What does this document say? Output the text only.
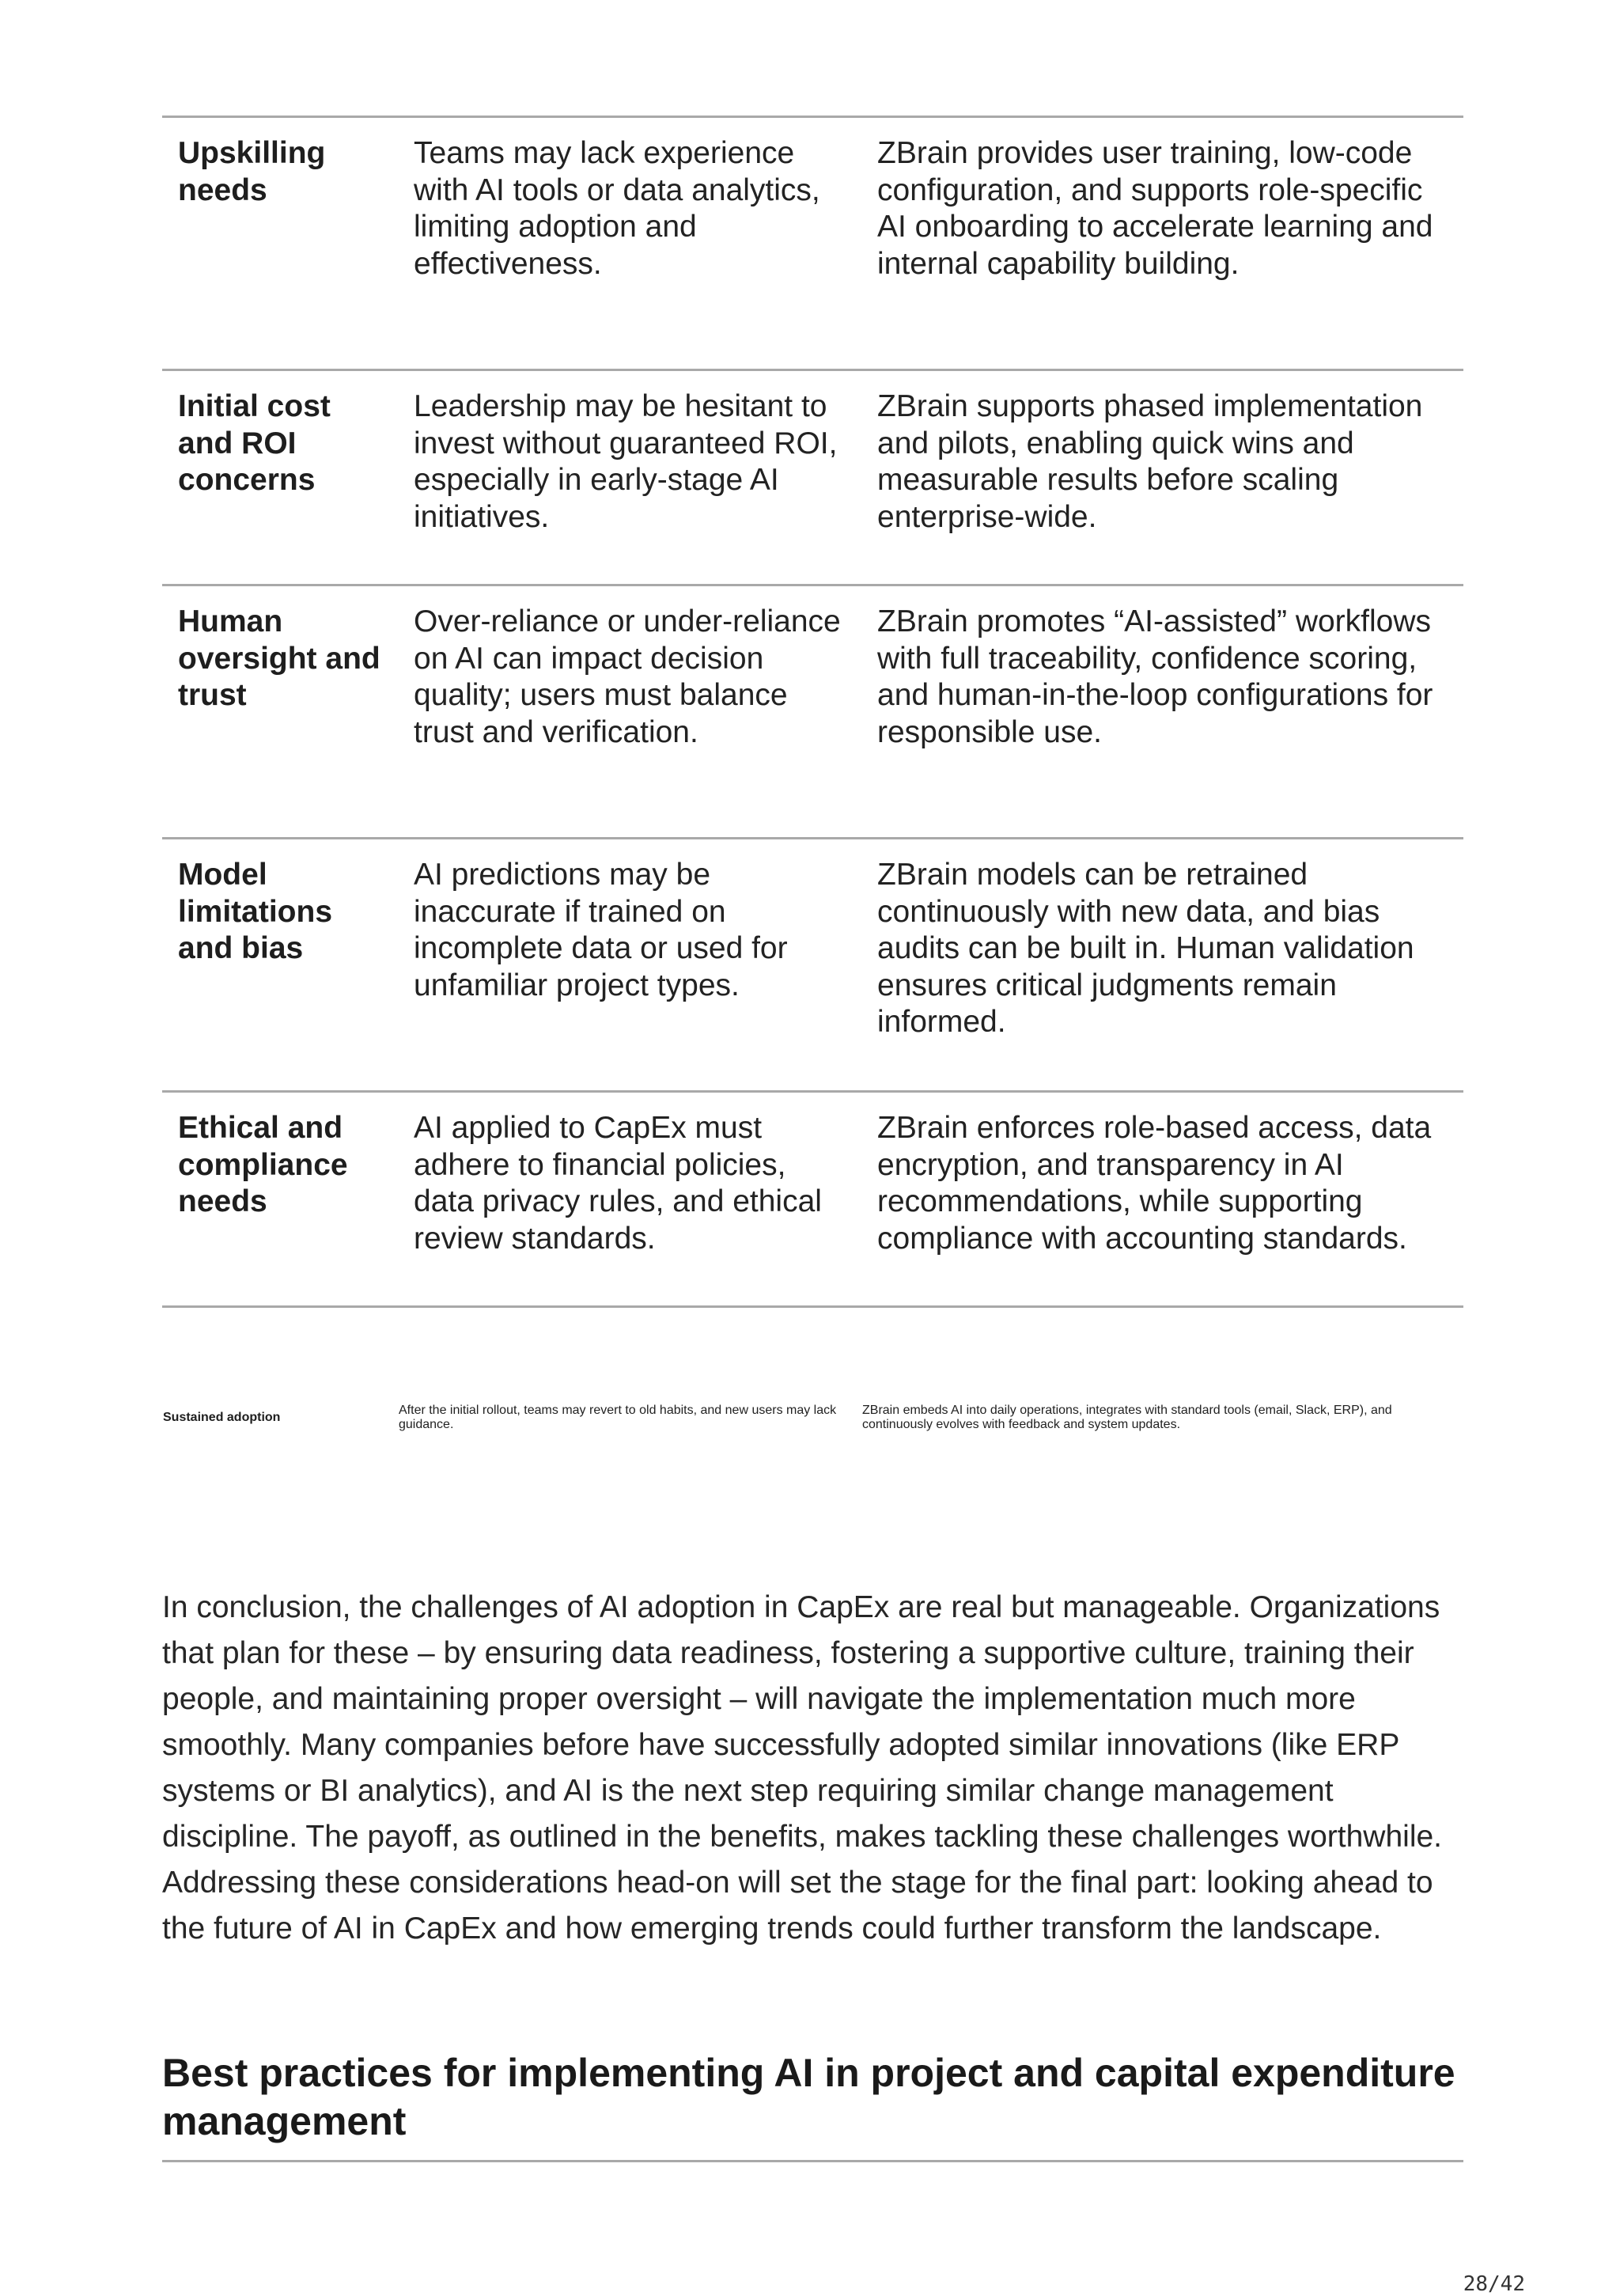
Upskilling needs	Teams may lack experience with AI tools or data analytics, limiting adoption and effectiveness.	ZBrain provides user training, low-code configuration, and supports role-specific AI onboarding to accelerate learning and internal capability building.
Initial cost and ROI concerns	Leadership may be hesitant to invest without guaranteed ROI, especially in early-stage AI initiatives.	ZBrain supports phased implementation and pilots, enabling quick wins and measurable results before scaling enterprise-wide.
Human oversight and trust	Over-reliance or under-reliance on AI can impact decision quality; users must balance trust and verification.	ZBrain promotes “AI-assisted” workflows with full traceability, confidence scoring, and human-in-the-loop configurations for responsible use.
Model limitations and bias	AI predictions may be inaccurate if trained on incomplete data or used for unfamiliar project types.	ZBrain models can be retrained continuously with new data, and bias audits can be built in. Human validation ensures critical judgments remain informed.
Ethical and compliance needs	AI applied to CapEx must adhere to financial policies, data privacy rules, and ethical review standards.	ZBrain enforces role-based access, data encryption, and transparency in AI recommendations, while supporting compliance with accounting standards.
Sustained adoption	After the initial rollout, teams may revert to old habits, and new users may lack guidance.	ZBrain embeds AI into daily operations, integrates with standard tools (email, Slack, ERP), and continuously evolves with feedback and system updates.

In conclusion, the challenges of AI adoption in CapEx are real but manageable. Organizations that plan for these – by ensuring data readiness, fostering a supportive culture, training their people, and maintaining proper oversight – will navigate the implementation much more smoothly. Many companies before have successfully adopted similar innovations (like ERP systems or BI analytics), and AI is the next step requiring similar change management discipline. The payoff, as outlined in the benefits, makes tackling these challenges worthwhile. Addressing these considerations head-on will set the stage for the final part: looking ahead to the future of AI in CapEx and how emerging trends could further transform the landscape.

Best practices for implementing AI in project and capital expenditure management
28/42
